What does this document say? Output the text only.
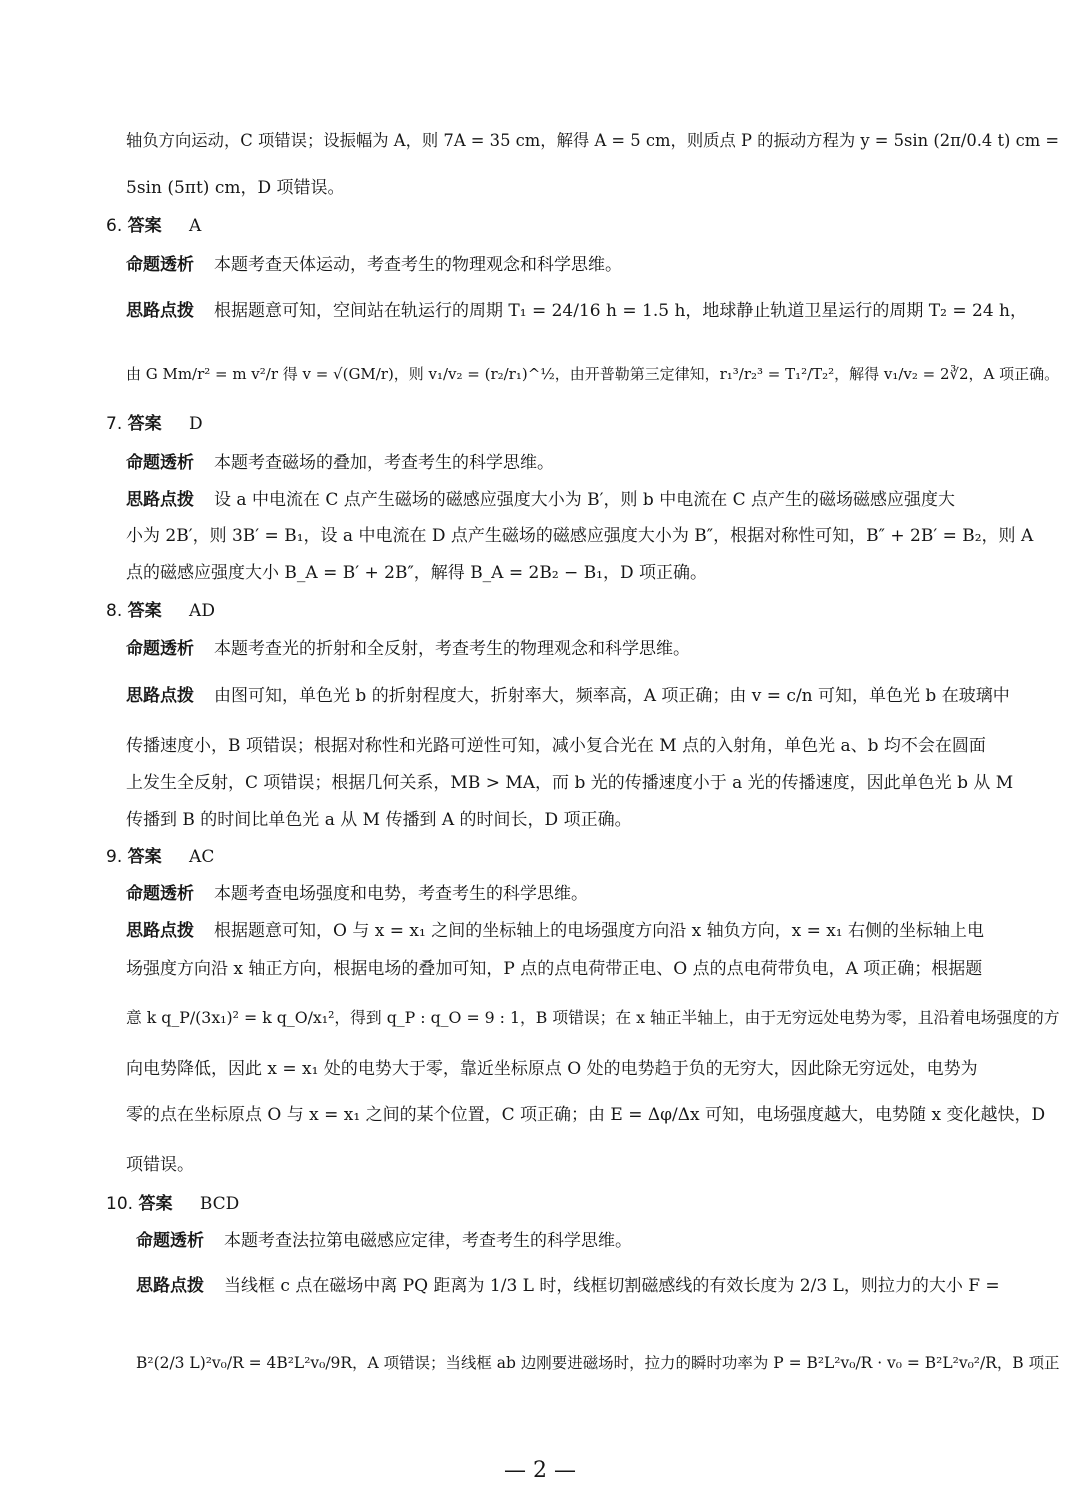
轴负方向运动，C 项错误；设振幅为 A，则 7A = 35 cm，解得 A = 5 cm，则质点 P 的振动方程为 y = 5sin (2π/0.4 t) cm =
5sin (5πt) cm，D 项错误。
6. 答案 A
命题透析 本题考查天体运动，考查考生的物理观念和科学思维。
思路点拨 根据题意可知，空间站在轨运行的周期 T₁ = 24/16 h = 1.5 h，地球静止轨道卫星运行的周期 T₂ = 24 h，
由 G Mm/r² = m v²/r 得 v = √(GM/r)，则 v₁/v₂ = (r₂/r₁)^½，由开普勒第三定律知，r₁³/r₂³ = T₁²/T₂²，解得 v₁/v₂ = 2∛2，A 项正确。
7. 答案 D
命题透析 本题考查磁场的叠加，考查考生的科学思维。
思路点拨 设 a 中电流在 C 点产生磁场的磁感应强度大小为 B′，则 b 中电流在 C 点产生的磁场磁感应强度大
小为 2B′，则 3B′ = B₁，设 a 中电流在 D 点产生磁场的磁感应强度大小为 B″，根据对称性可知，B″ + 2B′ = B₂，则 A
点的磁感应强度大小 B_A = B′ + 2B″，解得 B_A = 2B₂ − B₁，D 项正确。
8. 答案 AD
命题透析 本题考查光的折射和全反射，考查考生的物理观念和科学思维。
思路点拨 由图可知，单色光 b 的折射程度大，折射率大，频率高，A 项正确；由 v = c/n 可知，单色光 b 在玻璃中
传播速度小，B 项错误；根据对称性和光路可逆性可知，减小复合光在 M 点的入射角，单色光 a、b 均不会在圆面
上发生全反射，C 项错误；根据几何关系，MB > MA，而 b 光的传播速度小于 a 光的传播速度，因此单色光 b 从 M
传播到 B 的时间比单色光 a 从 M 传播到 A 的时间长，D 项正确。
9. 答案 AC
命题透析 本题考查电场强度和电势，考查考生的科学思维。
思路点拨 根据题意可知，O 与 x = x₁ 之间的坐标轴上的电场强度方向沿 x 轴负方向，x = x₁ 右侧的坐标轴上电
场强度方向沿 x 轴正方向，根据电场的叠加可知，P 点的点电荷带正电、O 点的点电荷带负电，A 项正确；根据题
意 k q_P/(3x₁)² = k q_O/x₁²，得到 q_P : q_O = 9 : 1，B 项错误；在 x 轴正半轴上，由于无穷远处电势为零，且沿着电场强度的方
向电势降低，因此 x = x₁ 处的电势大于零，靠近坐标原点 O 处的电势趋于负的无穷大，因此除无穷远处，电势为
零的点在坐标原点 O 与 x = x₁ 之间的某个位置，C 项正确；由 E = Δφ/Δx 可知，电场强度越大，电势随 x 变化越快，D
项错误。
10. 答案 BCD
命题透析 本题考查法拉第电磁感应定律，考查考生的科学思维。
思路点拨 当线框 c 点在磁场中离 PQ 距离为 1/3 L 时，线框切割磁感线的有效长度为 2/3 L，则拉力的大小 F =
B²(2/3 L)²v₀/R = 4B²L²v₀/9R，A 项错误；当线框 ab 边刚要进磁场时，拉力的瞬时功率为 P = B²L²v₀/R · v₀ = B²L²v₀²/R，B 项正
— 2 —
